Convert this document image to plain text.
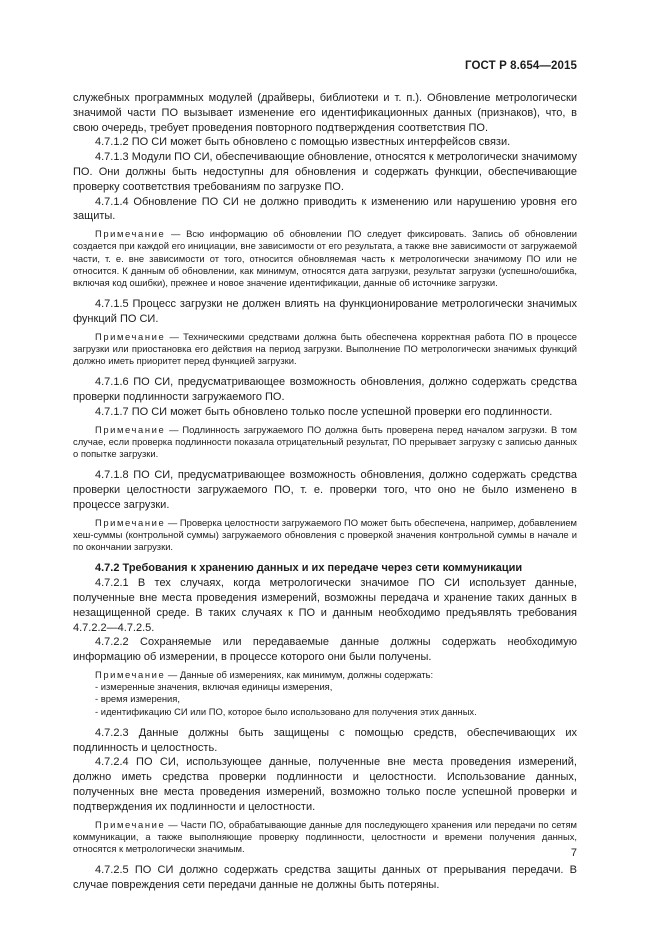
ГОСТ Р 8.654—2015

служебных программных модулей (драйверы, библиотеки и т. п.). Обновление метрологически значимой части ПО вызывает изменение его идентификационных данных (признаков), что, в свою очередь, требует проведения повторного подтверждения соответствия ПО.

4.7.1.2 ПО СИ может быть обновлено с помощью известных интерфейсов связи.

4.7.1.3 Модули ПО СИ, обеспечивающие обновление, относятся к метрологически значимому ПО. Они должны быть недоступны для обновления и содержать функции, обеспечивающие проверку соответствия требованиям по загрузке ПО.

4.7.1.4 Обновление ПО СИ не должно приводить к изменению или нарушению уровня его защиты.

Примечание — Всю информацию об обновлении ПО следует фиксировать. Запись об обновлении создается при каждой его инициации, вне зависимости от его результата, а также вне зависимости от загружаемой части, т. е. вне зависимости от того, относится обновляемая часть к метрологически значимому ПО или не относится. К данным об обновлении, как минимум, относятся дата загрузки, результат загрузки (успешно/ошибка, включая код ошибки), прежнее и новое значение идентификации, данные об источнике загрузки.

4.7.1.5 Процесс загрузки не должен влиять на функционирование метрологически значимых функций ПО СИ.

Примечание — Техническими средствами должна быть обеспечена корректная работа ПО в процессе загрузки или приостановка его действия на период загрузки. Выполнение ПО метрологически значимых функций должно иметь приоритет перед функцией загрузки.

4.7.1.6 ПО СИ, предусматривающее возможность обновления, должно содержать средства проверки подлинности загружаемого ПО.

4.7.1.7 ПО СИ может быть обновлено только после успешной проверки его подлинности.

Примечание — Подлинность загружаемого ПО должна быть проверена перед началом загрузки. В том случае, если проверка подлинности показала отрицательный результат, ПО прерывает загрузку с записью данных о попытке загрузки.

4.7.1.8 ПО СИ, предусматривающее возможность обновления, должно содержать средства проверки целостности загружаемого ПО, т. е. проверки того, что оно не было изменено в процессе загрузки.

Примечание — Проверка целостности загружаемого ПО может быть обеспечена, например, добавлением хеш-суммы (контрольной суммы) загружаемого обновления с проверкой значения контрольной суммы в начале и по окончании загрузки.

4.7.2 Требования к хранению данных и их передаче через сети коммуникации

4.7.2.1 В тех случаях, когда метрологически значимое ПО СИ использует данные, полученные вне места проведения измерений, возможны передача и хранение таких данных в незащищенной среде. В таких случаях к ПО и данным необходимо предъявлять требования 4.7.2.2—4.7.2.5.

4.7.2.2 Сохраняемые или передаваемые данные должны содержать необходимую информацию об измерении, в процессе которого они были получены.

Примечание — Данные об измерениях, как минимум, должны содержать:

- измеренные значения, включая единицы измерения,

- время измерения,

- идентификацию СИ или ПО, которое было использовано для получения этих данных.

4.7.2.3 Данные должны быть защищены с помощью средств, обеспечивающих их подлинность и целостность.

4.7.2.4 ПО СИ, использующее данные, полученные вне места проведения измерений, должно иметь средства проверки подлинности и целостности. Использование данных, полученных вне места проведения измерений, возможно только после успешной проверки и подтверждения их подлинности и целостности.

Примечание — Части ПО, обрабатывающие данные для последующего хранения или передачи по сетям коммуникации, а также выполняющие проверку подлинности, целостности и времени получения данных, относятся к метрологически значимым.

4.7.2.5 ПО СИ должно содержать средства защиты данных от прерывания передачи. В случае повреждения сети передачи данные не должны быть потеряны.

7
